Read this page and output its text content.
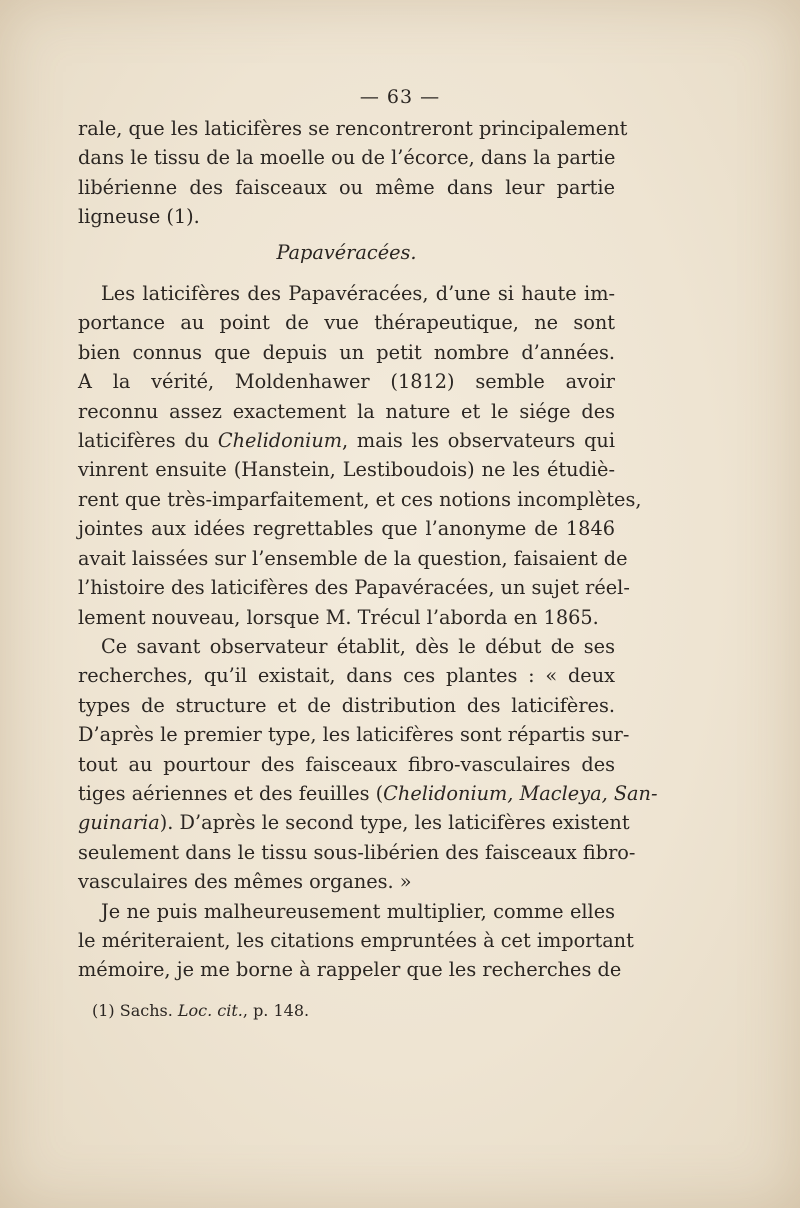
— 63 —
rale, que les laticifères se rencontreront principalement
dans le tissu de la moelle ou de l’écorce, dans la partie
libérienne des faisceaux ou même dans leur partie
ligneuse (1).
Papavéracées.
Les laticifères des Papavéracées, d’une si haute im-
portance au point de vue thérapeutique, ne sont
bien connus que depuis un petit nombre d’années.
A la vérité, Moldenhawer (1812) semble avoir
reconnu assez exactement la nature et le siége des
laticifères du Chelidonium, mais les observateurs qui
vinrent ensuite (Hanstein, Lestiboudois) ne les étudiè-
rent que très-imparfaitement, et ces notions incomplètes,
jointes aux idées regrettables que l’anonyme de 1846
avait laissées sur l’ensemble de la question, faisaient de
l’histoire des laticifères des Papavéracées, un sujet réel-
lement nouveau, lorsque M. Trécul l’aborda en 1865.
Ce savant observateur établit, dès le début de ses
recherches, qu’il existait, dans ces plantes : « deux
types de structure et de distribution des laticifères.
D’après le premier type, les laticifères sont répartis sur-
tout au pourtour des faisceaux fibro-vasculaires des
tiges aériennes et des feuilles (Chelidonium, Macleya, San-
guinaria). D’après le second type, les laticifères existent
seulement dans le tissu sous-libérien des faisceaux fibro-
vasculaires des mêmes organes. »
Je ne puis malheureusement multiplier, comme elles
le mériteraient, les citations empruntées à cet important
mémoire, je me borne à rappeler que les recherches de
(1) Sachs. Loc. cit., p. 148.
